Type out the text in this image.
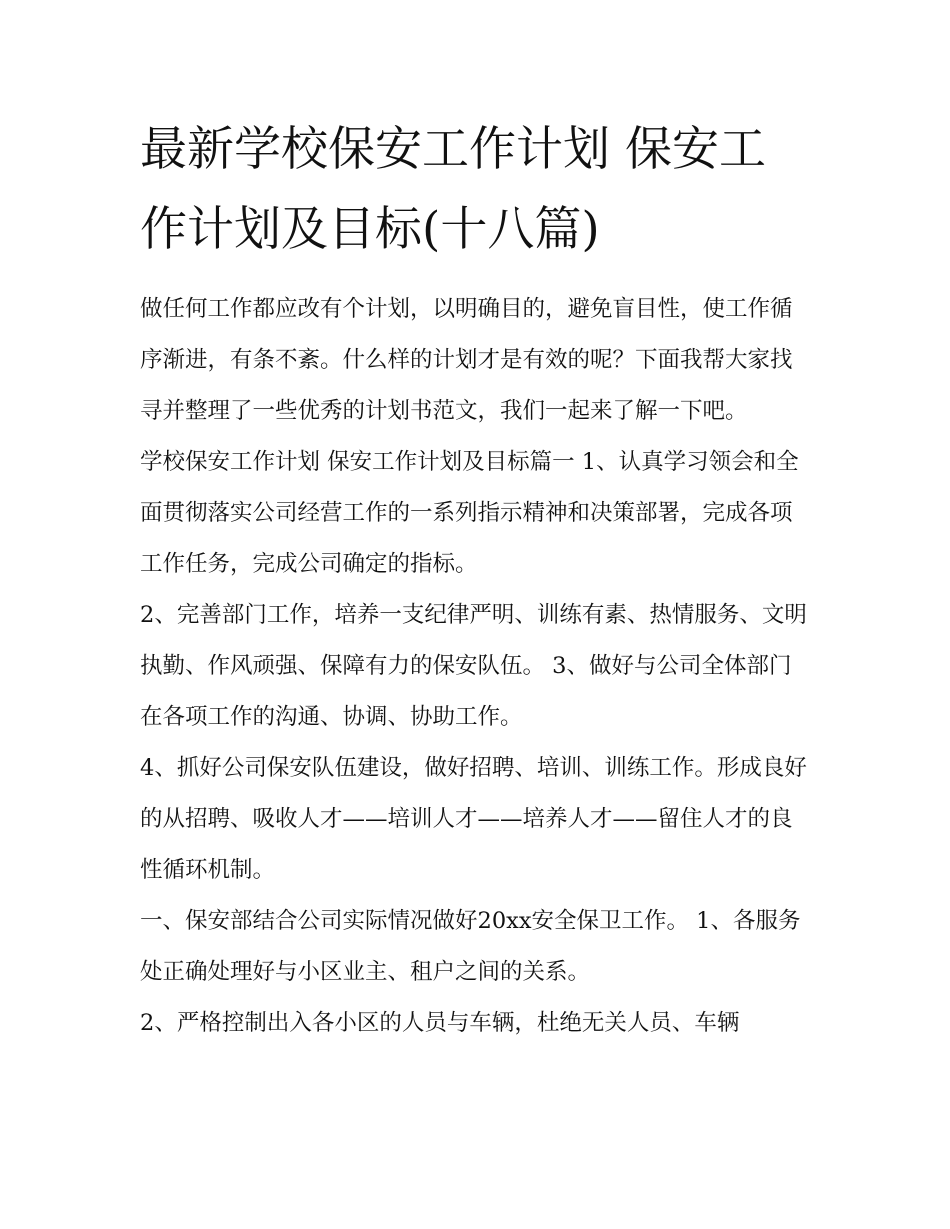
最新学校保安工作计划 保安工作计划及目标(十八篇)

做任何工作都应改有个计划，以明确目的，避免盲目性，使工作循序渐进，有条不紊。什么样的计划才是有效的呢？下面我帮大家找寻并整理了一些优秀的计划书范文，我们一起来了解一下吧。

学校保安工作计划 保安工作计划及目标篇一 1、认真学习领会和全面贯彻落实公司经营工作的一系列指示精神和决策部署，完成各项工作任务，完成公司确定的指标。

2、完善部门工作，培养一支纪律严明、训练有素、热情服务、文明执勤、作风顽强、保障有力的保安队伍。 3、做好与公司全体部门在各项工作的沟通、协调、协助工作。

4、抓好公司保安队伍建设，做好招聘、培训、训练工作。形成良好的从招聘、吸收人才——培训人才——培养人才——留住人才的良性循环机制。

一、保安部结合公司实际情况做好20xx安全保卫工作。 1、各服务处正确处理好与小区业主、租户之间的关系。

2、严格控制出入各小区的人员与车辆，杜绝无关人员、车辆
